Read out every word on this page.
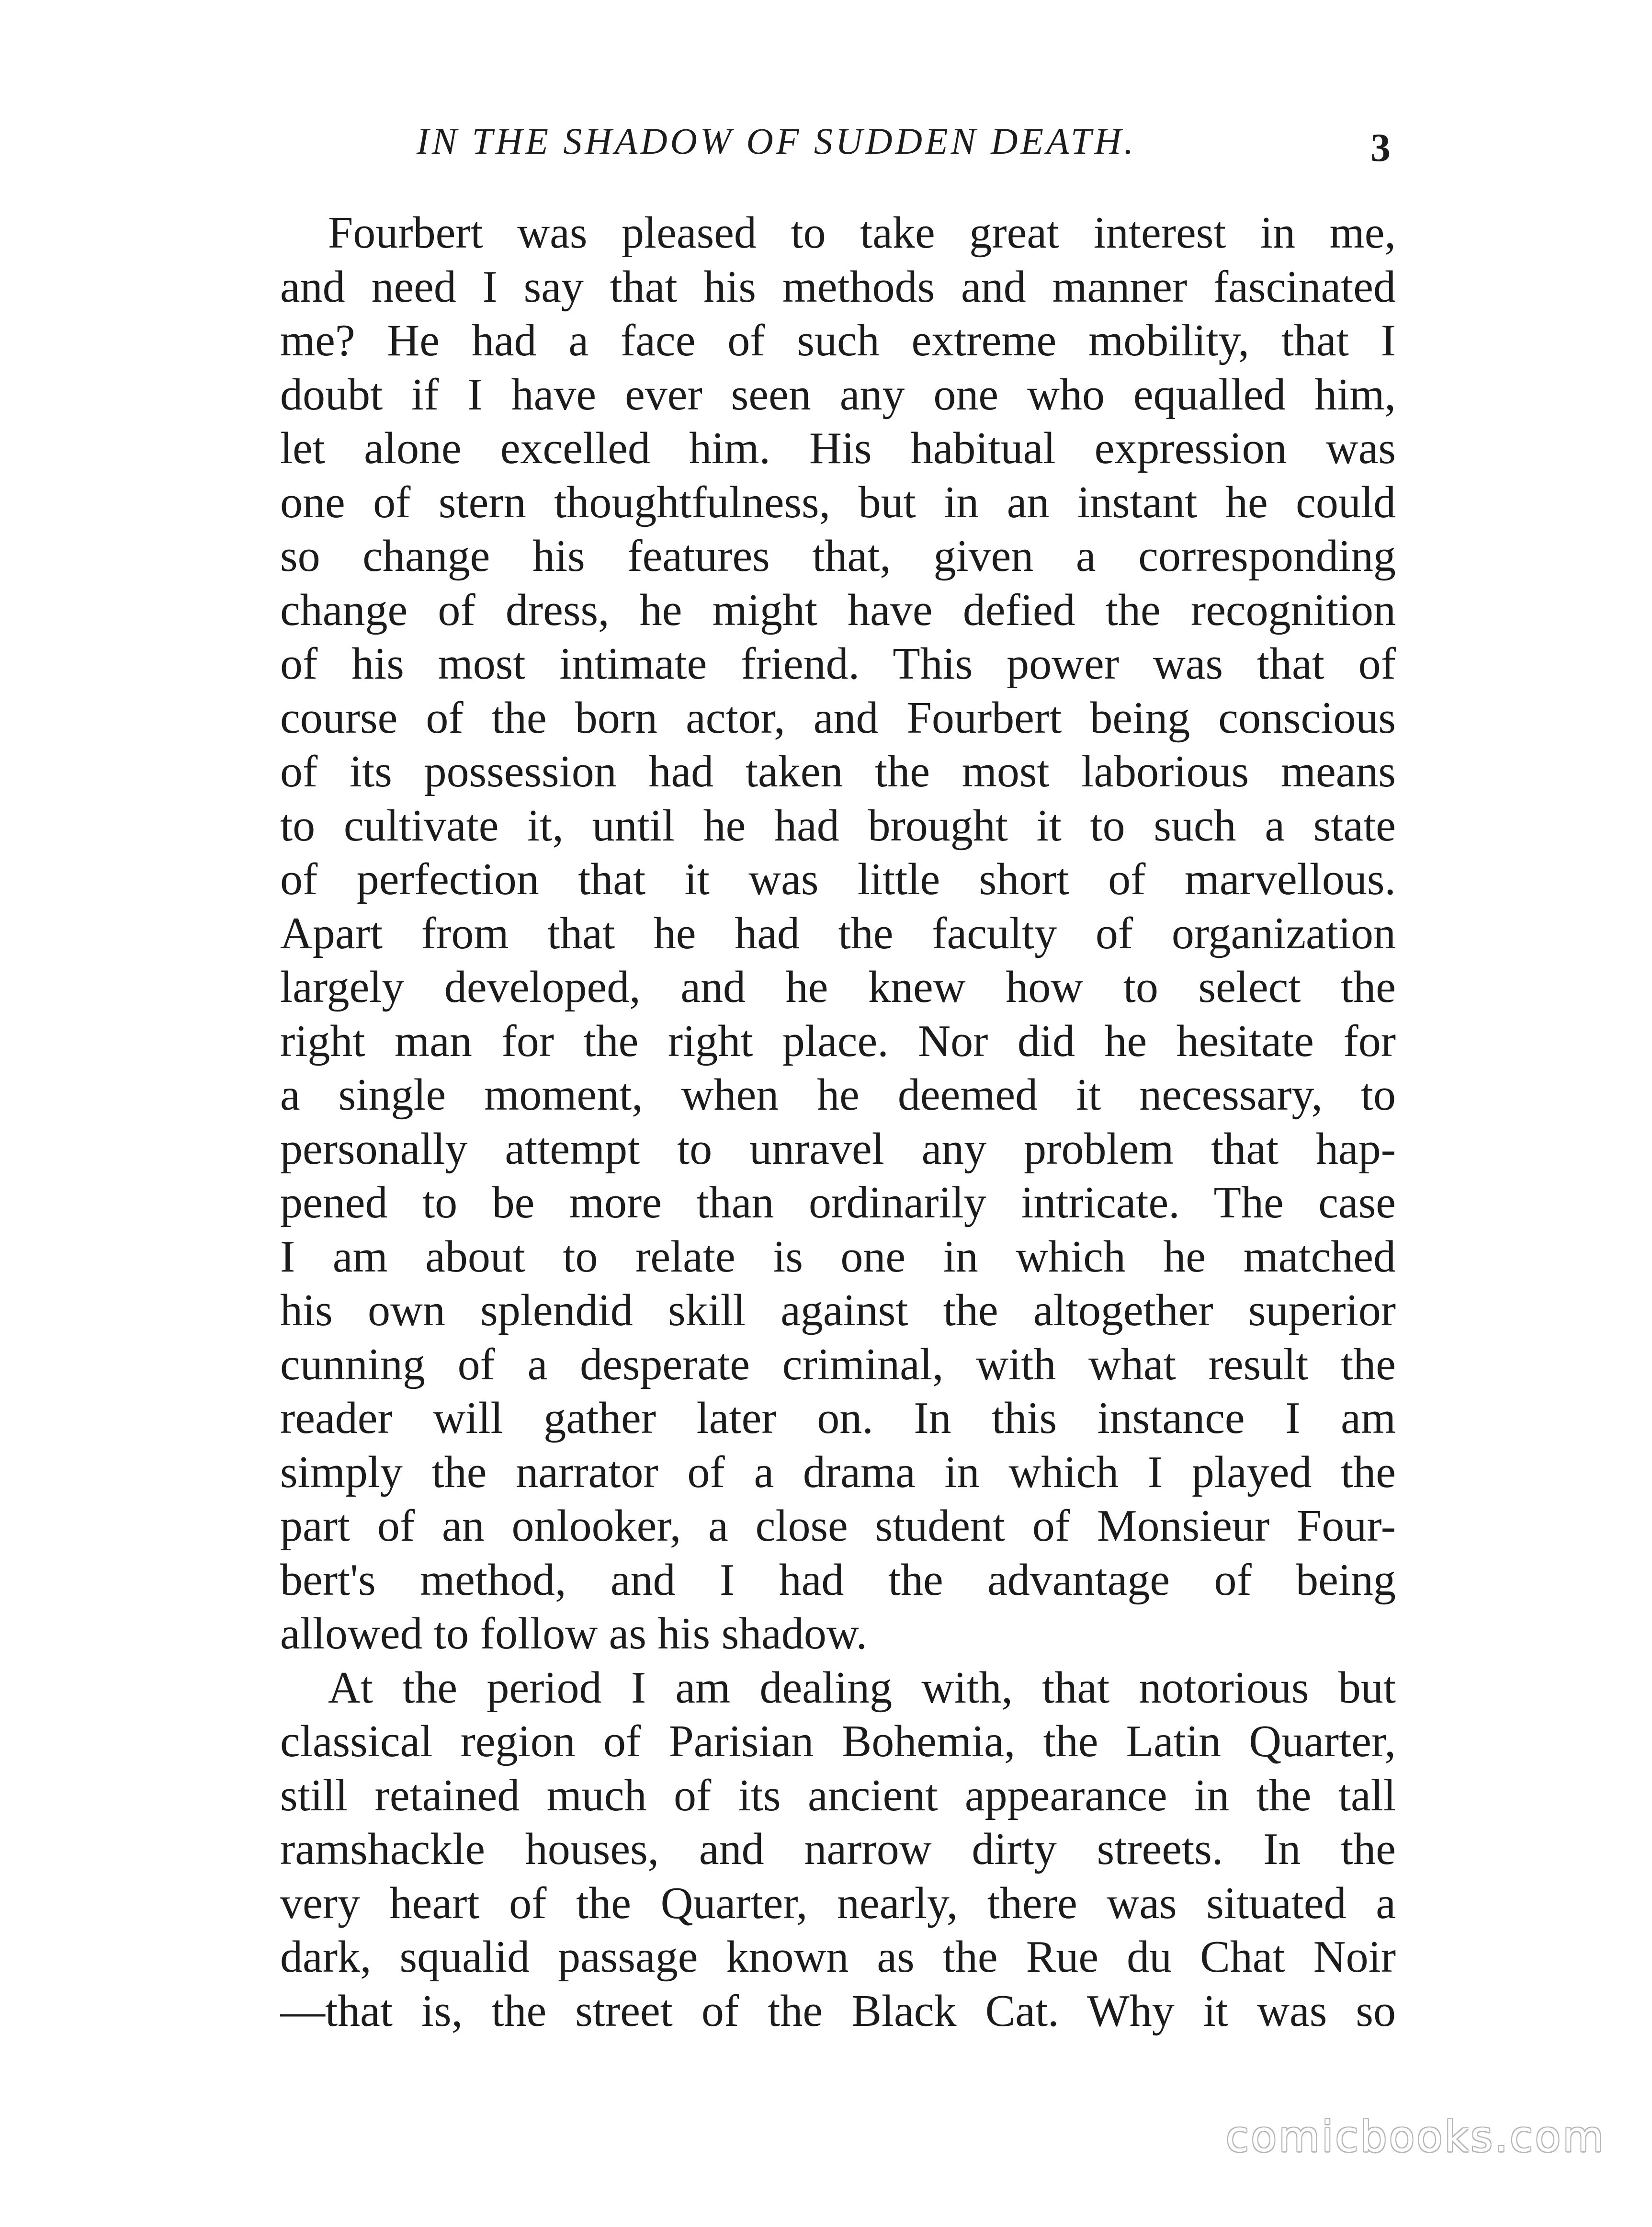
IN THE SHADOW OF SUDDEN DEATH.	3
Fourbert was pleased to take great interest in me,
and need I say that his methods and manner fascinated
me? He had a face of such extreme mobility, that I
doubt if I have ever seen any one who equalled him,
let alone excelled him. His habitual expression was
one of stern thoughtfulness, but in an instant he could
so change his features that, given a corresponding
change of dress, he might have defied the recognition
of his most intimate friend. This power was that of
course of the born actor, and Fourbert being conscious
of its possession had taken the most laborious means
to cultivate it, until he had brought it to such a state
of perfection that it was little short of marvellous.
Apart from that he had the faculty of organization
largely developed, and he knew how to select the
right man for the right place. Nor did he hesitate for
a single moment, when he deemed it necessary, to
personally attempt to unravel any problem that hap-
pened to be more than ordinarily intricate. The case
I am about to relate is one in which he matched
his own splendid skill against the altogether superior
cunning of a desperate criminal, with what result the
reader will gather later on. In this instance I am
simply the narrator of a drama in which I played the
part of an onlooker, a close student of Monsieur Four-
bert's method, and I had the advantage of being
allowed to follow as his shadow.
At the period I am dealing with, that notorious but
classical region of Parisian Bohemia, the Latin Quarter,
still retained much of its ancient appearance in the tall
ramshackle houses, and narrow dirty streets. In the
very heart of the Quarter, nearly, there was situated a
dark, squalid passage known as the Rue du Chat Noir
—that is, the street of the Black Cat. Why it was so
comicbooks.com
